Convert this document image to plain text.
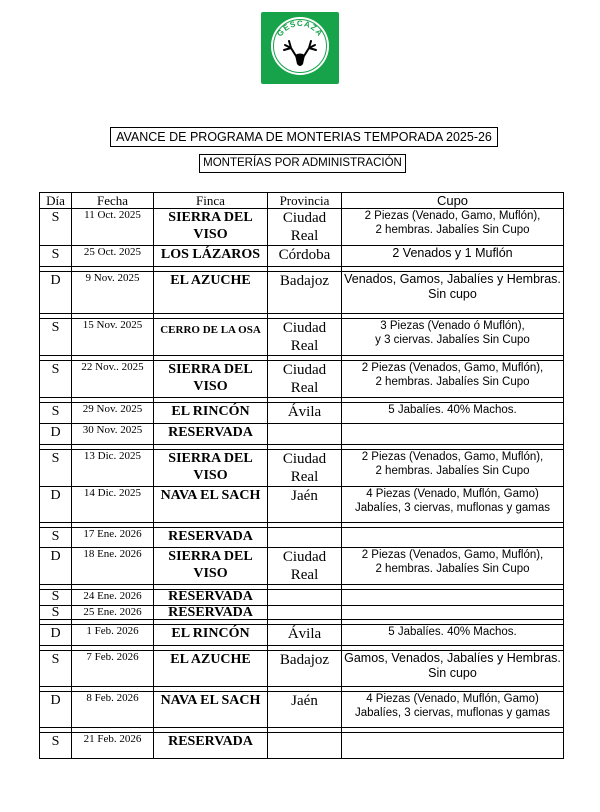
GESCAZA
AVANCE DE PROGRAMA DE MONTERIAS TEMPORADA 2025-26
MONTERÍAS POR ADMINISTRACIÓN
Día	Fecha	Finca	Provincia	Cupo
S	11 Oct. 2025	SIERRA DEL VISO	Ciudad Real	2 Piezas (Venado, Gamo, Muflón),
2 hembras. Jabalíes Sin Cupo
S	25 Oct. 2025	LOS LÁZAROS	Córdoba	2 Venados y 1 Muflón

D	9 Nov. 2025	EL AZUCHE	Badajoz	Venados, Gamos, Jabalíes y Hembras.
Sin cupo

S	15 Nov. 2025	CERRO DE LA OSA	Ciudad Real	3 Piezas (Venado ó Muflón),
y 3 ciervas. Jabalíes Sin Cupo

S	22 Nov.. 2025	SIERRA DEL VISO	Ciudad Real	2 Piezas (Venados, Gamo, Muflón),
2 hembras. Jabalíes Sin Cupo

S	29 Nov. 2025	EL RINCÓN	Ávila	5 Jabalíes. 40% Machos.
D	30 Nov. 2025	RESERVADA		

S	13 Dic. 2025	SIERRA DEL VISO	Ciudad Real	2 Piezas (Venados, Gamo, Muflón),
2 hembras. Jabalíes Sin Cupo
D	14 Dic. 2025	NAVA EL SACH	Jaén	4 Piezas (Venado, Muflón, Gamo)
Jabalíes, 3 ciervas, muflonas y gamas

S	17 Ene. 2026	RESERVADA		
D	18 Ene. 2026	SIERRA DEL VISO	Ciudad Real	2 Piezas (Venados, Gamo, Muflón),
2 hembras. Jabalíes Sin Cupo

S	24 Ene. 2026	RESERVADA		
S	25 Ene. 2026	RESERVADA		

D	1 Feb. 2026	EL RINCÓN	Ávila	5 Jabalíes. 40% Machos.

S	7 Feb. 2026	EL AZUCHE	Badajoz	Gamos, Venados, Jabalíes y Hembras.
Sin cupo

D	8 Feb. 2026	NAVA EL SACH	Jaén	4 Piezas (Venado, Muflón, Gamo)
Jabalíes, 3 ciervas, muflonas y gamas

S	21 Feb. 2026	RESERVADA		
